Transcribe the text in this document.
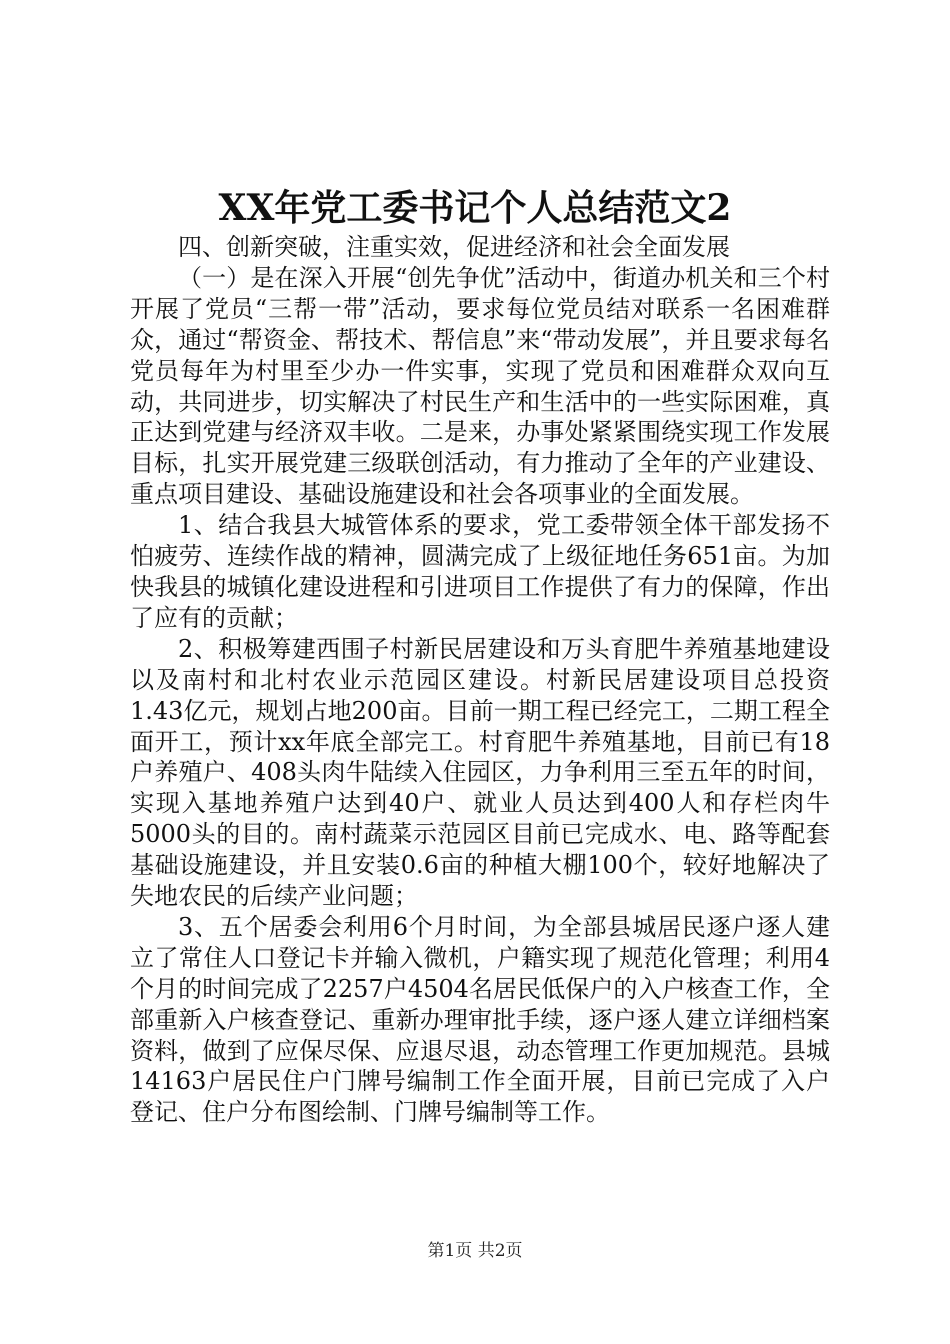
XX年党工委书记个人总结范文2

四、创新突破，注重实效，促进经济和社会全面发展

（一）是在深入开展“创先争优”活动中，街道办机关和三个村开展了党员“三帮一带”活动，要求每位党员结对联系一名困难群众，通过“帮资金、帮技术、帮信息”来“带动发展”，并且要求每名党员每年为村里至少办一件实事，实现了党员和困难群众双向互动，共同进步，切实解决了村民生产和生活中的一些实际困难，真正达到党建与经济双丰收。二是来，办事处紧紧围绕实现工作发展目标，扎实开展党建三级联创活动，有力推动了全年的产业建设、重点项目建设、基础设施建设和社会各项事业的全面发展。

1、结合我县大城管体系的要求，党工委带领全体干部发扬不怕疲劳、连续作战的精神，圆满完成了上级征地任务651亩。为加快我县的城镇化建设进程和引进项目工作提供了有力的保障，作出了应有的贡献；

2、积极筹建西围子村新民居建设和万头育肥牛养殖基地建设以及南村和北村农业示范园区建设。村新民居建设项目总投资1.43亿元，规划占地200亩。目前一期工程已经完工，二期工程全面开工，预计xx年底全部完工。村育肥牛养殖基地，目前已有18户养殖户、408头肉牛陆续入住园区，力争利用三至五年的时间，实现入基地养殖户达到40户、就业人员达到400人和存栏肉牛5000头的目的。南村蔬菜示范园区目前已完成水、电、路等配套基础设施建设，并且安装0.6亩的种植大棚100个，较好地解决了失地农民的后续产业问题；

3、五个居委会利用6个月时间，为全部县城居民逐户逐人建立了常住人口登记卡并输入微机，户籍实现了规范化管理；利用4个月的时间完成了2257户4504名居民低保户的入户核查工作，全部重新入户核查登记、重新办理审批手续，逐户逐人建立详细档案资料，做到了应保尽保、应退尽退，动态管理工作更加规范。县城14163户居民住户门牌号编制工作全面开展，目前已完成了入户登记、住户分布图绘制、门牌号编制等工作。

第1页 共2页
